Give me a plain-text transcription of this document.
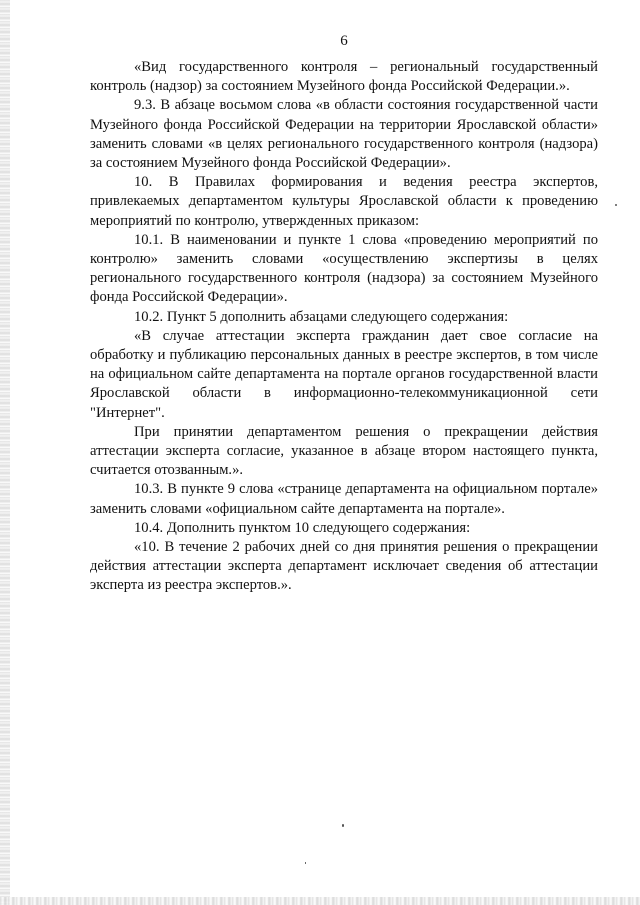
6

«Вид государственного контроля – региональный государственный контроль (надзор) за состоянием Музейного фонда Российской Федерации.».

9.3. В абзаце восьмом слова «в области состояния государственной части Музейного фонда Российской Федерации на территории Ярославской области» заменить словами «в целях регионального государственного контроля (надзора) за состоянием Музейного фонда Российской Федерации».

10. В Правилах формирования и ведения реестра экспертов, привлекаемых департаментом культуры Ярославской области к проведению мероприятий по контролю, утвержденных приказом:

10.1. В наименовании и пункте 1 слова «проведению мероприятий по контролю» заменить словами «осуществлению экспертизы в целях регионального государственного контроля (надзора) за состоянием Музейного фонда Российской Федерации».

10.2. Пункт 5 дополнить абзацами следующего содержания:

«В случае аттестации эксперта гражданин дает свое согласие на обработку и публикацию персональных данных в реестре экспертов, в том числе на официальном сайте департамента на портале органов государственной власти Ярославской области в информационно-телекоммуникационной сети "Интернет".

При принятии департаментом решения о прекращении действия аттестации эксперта согласие, указанное в абзаце втором настоящего пункта, считается отозванным.».

10.3. В пункте 9 слова «странице департамента на официальном портале» заменить словами «официальном сайте департамента на портале».

10.4. Дополнить пунктом 10 следующего содержания:

«10. В течение 2 рабочих дней со дня принятия решения о прекращении действия аттестации эксперта департамент исключает сведения об аттестации эксперта из реестра экспертов.».
